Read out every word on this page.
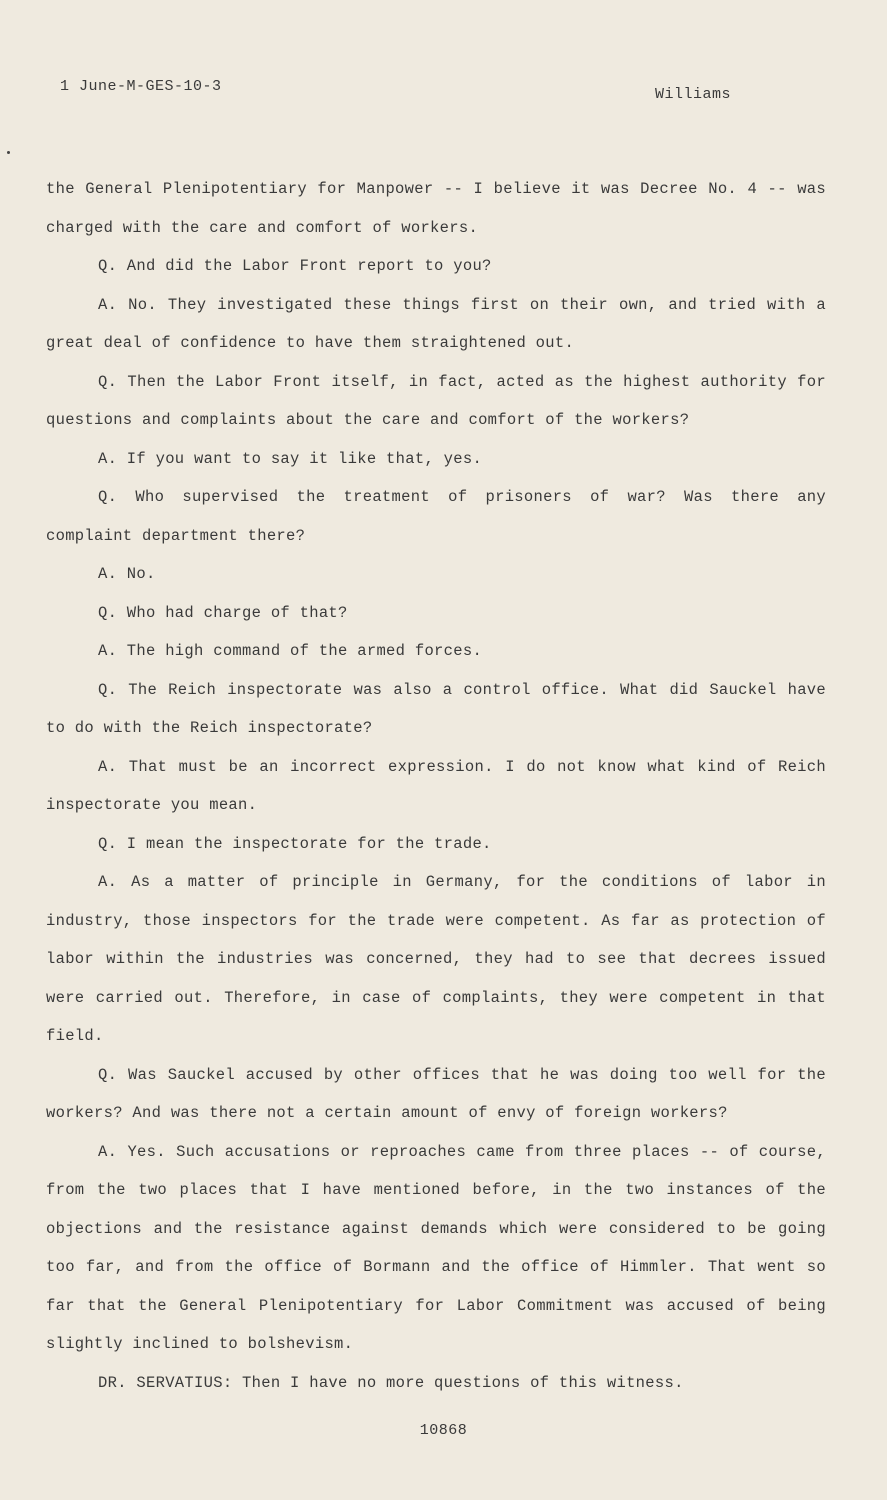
1 June-M-GES-10-3	Williams

the General Plenipotentiary for Manpower -- I believe it was Decree No. 4 -- was charged with the care and comfort of workers.

Q. And did the Labor Front report to you?

A. No. They investigated these things first on their own, and tried with a great deal of confidence to have them straightened out.

Q. Then the Labor Front itself, in fact, acted as the highest authority for questions and complaints about the care and comfort of the workers?

A. If you want to say it like that, yes.

Q. Who supervised the treatment of prisoners of war? Was there any complaint department there?

A. No.

Q. Who had charge of that?

A. The high command of the armed forces.

Q. The Reich inspectorate was also a control office. What did Sauckel have to do with the Reich inspectorate?

A. That must be an incorrect expression. I do not know what kind of Reich inspectorate you mean.

Q. I mean the inspectorate for the trade.

A. As a matter of principle in Germany, for the conditions of labor in industry, those inspectors for the trade were competent. As far as protection of labor within the industries was concerned, they had to see that decrees issued were carried out. Therefore, in case of complaints, they were competent in that field.

Q. Was Sauckel accused by other offices that he was doing too well for the workers? And was there not a certain amount of envy of foreign workers?

A. Yes. Such accusations or reproaches came from three places -- of course, from the two places that I have mentioned before, in the two instances of the objections and the resistance against demands which were considered to be going too far, and from the office of Bormann and the office of Himmler. That went so far that the General Plenipotentiary for Labor Commitment was accused of being slightly inclined to bolshevism.

DR. SERVATIUS: Then I have no more questions of this witness.

10868
